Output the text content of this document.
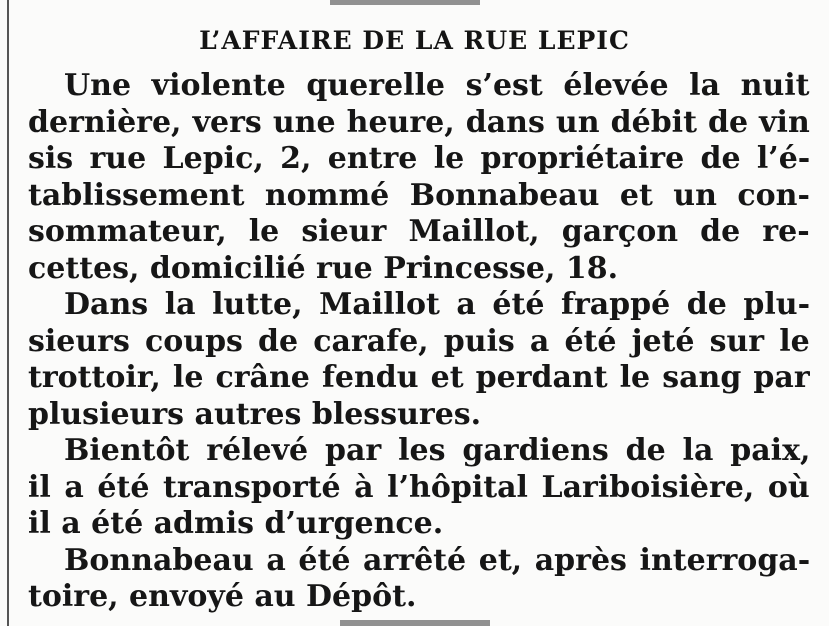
L’AFFAIRE DE LA RUE LEPIC

Une violente querelle s’est élevée la nuit
dernière, vers une heure, dans un débit de vin
sis rue Lepic, 2, entre le propriétaire de l’é-
tablissement nommé Bonnabeau et un con-
sommateur, le sieur Maillot, garçon de re-
cettes, domicilié rue Princesse, 18.

Dans la lutte, Maillot a été frappé de plu-
sieurs coups de carafe, puis a été jeté sur le
trottoir, le crâne fendu et perdant le sang par
plusieurs autres blessures.

Bientôt rélevé par les gardiens de la paix,
il a été transporté à l’hôpital Lariboisière, où
il a été admis d’urgence.

Bonnabeau a été arrêté et, après interroga-
toire, envoyé au Dépôt.
